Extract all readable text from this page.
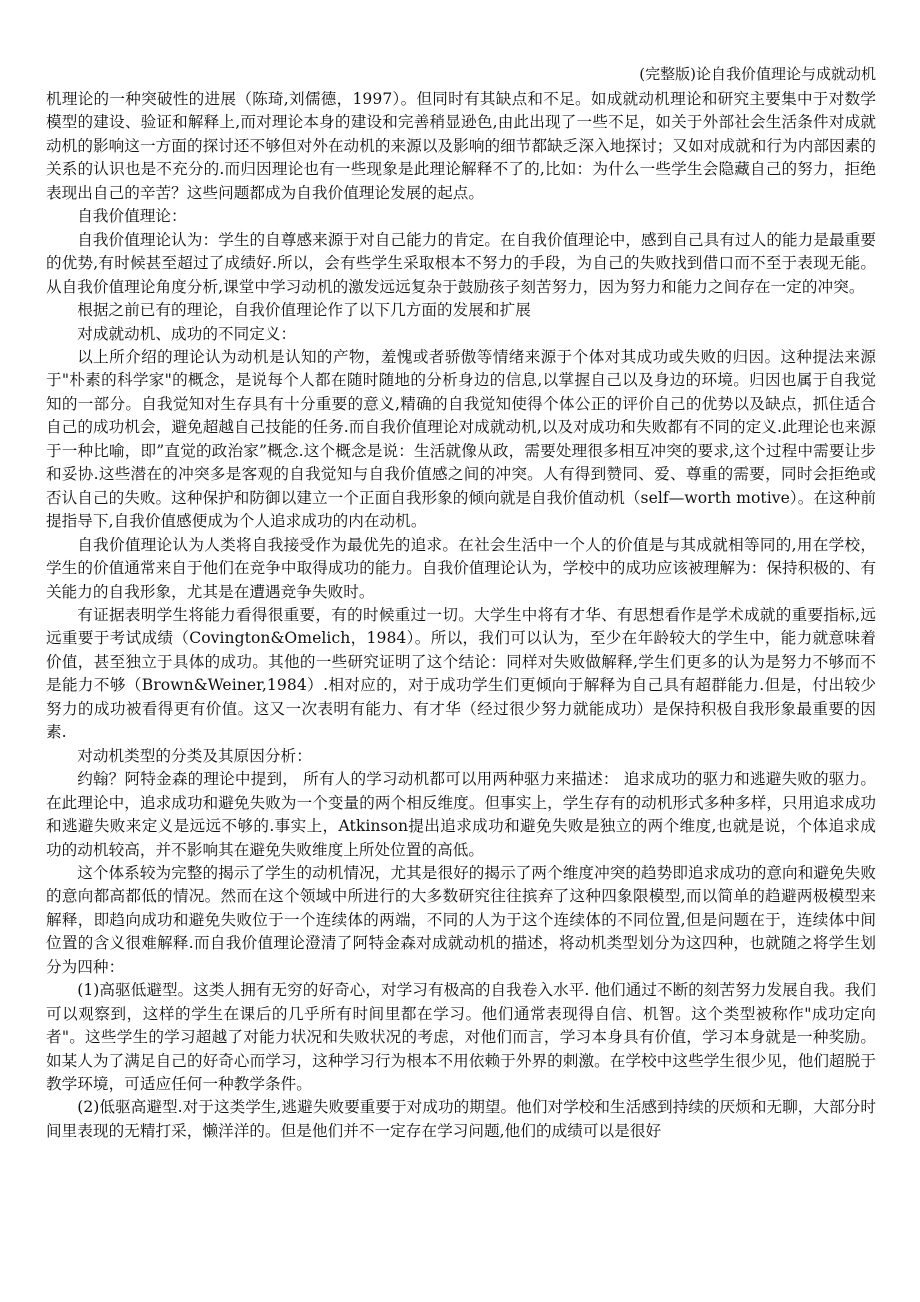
(完整版)论自我价值理论与成就动机

机理论的一种突破性的进展（陈琦,刘儒德，1997）。但同时有其缺点和不足。如成就动机理论和研究主要集中于对数学模型的建设、验证和解释上,而对理论本身的建设和完善稍显逊色,由此出现了一些不足，如关于外部社会生活条件对成就动机的影响这一方面的探讨还不够但对外在动机的来源以及影响的细节都缺乏深入地探讨；又如对成就和行为内部因素的关系的认识也是不充分的.而归因理论也有一些现象是此理论解释不了的,比如：为什么一些学生会隐藏自己的努力，拒绝表现出自己的辛苦？这些问题都成为自我价值理论发展的起点。

自我价值理论：

自我价值理论认为：学生的自尊感来源于对自己能力的肯定。在自我价值理论中，感到自己具有过人的能力是最重要的优势,有时候甚至超过了成绩好.所以，会有些学生采取根本不努力的手段，为自己的失败找到借口而不至于表现无能。从自我价值理论角度分析,课堂中学习动机的激发远远复杂于鼓励孩子刻苦努力，因为努力和能力之间存在一定的冲突。

根据之前已有的理论，自我价值理论作了以下几方面的发展和扩展

对成就动机、成功的不同定义：

以上所介绍的理论认为动机是认知的产物，羞愧或者骄傲等情绪来源于个体对其成功或失败的归因。这种提法来源于"朴素的科学家"的概念，是说每个人都在随时随地的分析身边的信息,以掌握自己以及身边的环境。归因也属于自我觉知的一部分。自我觉知对生存具有十分重要的意义,精确的自我觉知使得个体公正的评价自己的优势以及缺点，抓住适合自己的成功机会，避免超越自己技能的任务.而自我价值理论对成就动机,以及对成功和失败都有不同的定义.此理论也来源于一种比喻，即”直觉的政治家”概念.这个概念是说：生活就像从政，需要处理很多相互冲突的要求,这个过程中需要让步和妥协.这些潜在的冲突多是客观的自我觉知与自我价值感之间的冲突。人有得到赞同、爱、尊重的需要，同时会拒绝或否认自己的失败。这种保护和防御以建立一个正面自我形象的倾向就是自我价值动机（self—worth motive）。在这种前提指导下,自我价值感便成为个人追求成功的内在动机。

自我价值理论认为人类将自我接受作为最优先的追求。在社会生活中一个人的价值是与其成就相等同的,用在学校，学生的价值通常来自于他们在竞争中取得成功的能力。自我价值理论认为，学校中的成功应该被理解为：保持积极的、有关能力的自我形象，尤其是在遭遇竞争失败时。

有证据表明学生将能力看得很重要，有的时候重过一切。大学生中将有才华、有思想看作是学术成就的重要指标,远远重要于考试成绩（Covington&Omelich，1984）。所以，我们可以认为，至少在年龄较大的学生中，能力就意味着价值，甚至独立于具体的成功。其他的一些研究证明了这个结论：同样对失败做解释,学生们更多的认为是努力不够而不是能力不够（Brown&Weiner,1984）.相对应的，对于成功学生们更倾向于解释为自己具有超群能力.但是，付出较少努力的成功被看得更有价值。这又一次表明有能力、有才华（经过很少努力就能成功）是保持积极自我形象最重要的因素.

对动机类型的分类及其原因分析：

约翰？阿特金森的理论中提到， 所有人的学习动机都可以用两种驱力来描述： 追求成功的驱力和逃避失败的驱力。在此理论中，追求成功和避免失败为一个变量的两个相反维度。但事实上，学生存有的动机形式多种多样，只用追求成功和逃避失败来定义是远远不够的.事实上，Atkinson提出追求成功和避免失败是独立的两个维度,也就是说，个体追求成功的动机较高，并不影响其在避免失败维度上所处位置的高低。

这个体系较为完整的揭示了学生的动机情况，尤其是很好的揭示了两个维度冲突的趋势即追求成功的意向和避免失败的意向都高都低的情况。然而在这个领域中所进行的大多数研究往往摈弃了这种四象限模型,而以简单的趋避两极模型来解释，即趋向成功和避免失败位于一个连续体的两端，不同的人为于这个连续体的不同位置,但是问题在于，连续体中间位置的含义很难解释.而自我价值理论澄清了阿特金森对成就动机的描述，将动机类型划分为这四种，也就随之将学生划分为四种：

(1)高驱低避型。这类人拥有无穷的好奇心，对学习有极高的自我卷入水平. 他们通过不断的刻苦努力发展自我。我们可以观察到，这样的学生在课后的几乎所有时间里都在学习。他们通常表现得自信、机智。这个类型被称作"成功定向者"。这些学生的学习超越了对能力状况和失败状况的考虑，对他们而言，学习本身具有价值，学习本身就是一种奖励。如某人为了满足自己的好奇心而学习，这种学习行为根本不用依赖于外界的刺激。在学校中这些学生很少见，他们超脱于教学环境，可适应任何一种教学条件。

(2)低驱高避型.对于这类学生,逃避失败要重要于对成功的期望。他们对学校和生活感到持续的厌烦和无聊，大部分时间里表现的无精打采，懒洋洋的。但是他们并不一定存在学习问题,他们的成绩可以是很好
